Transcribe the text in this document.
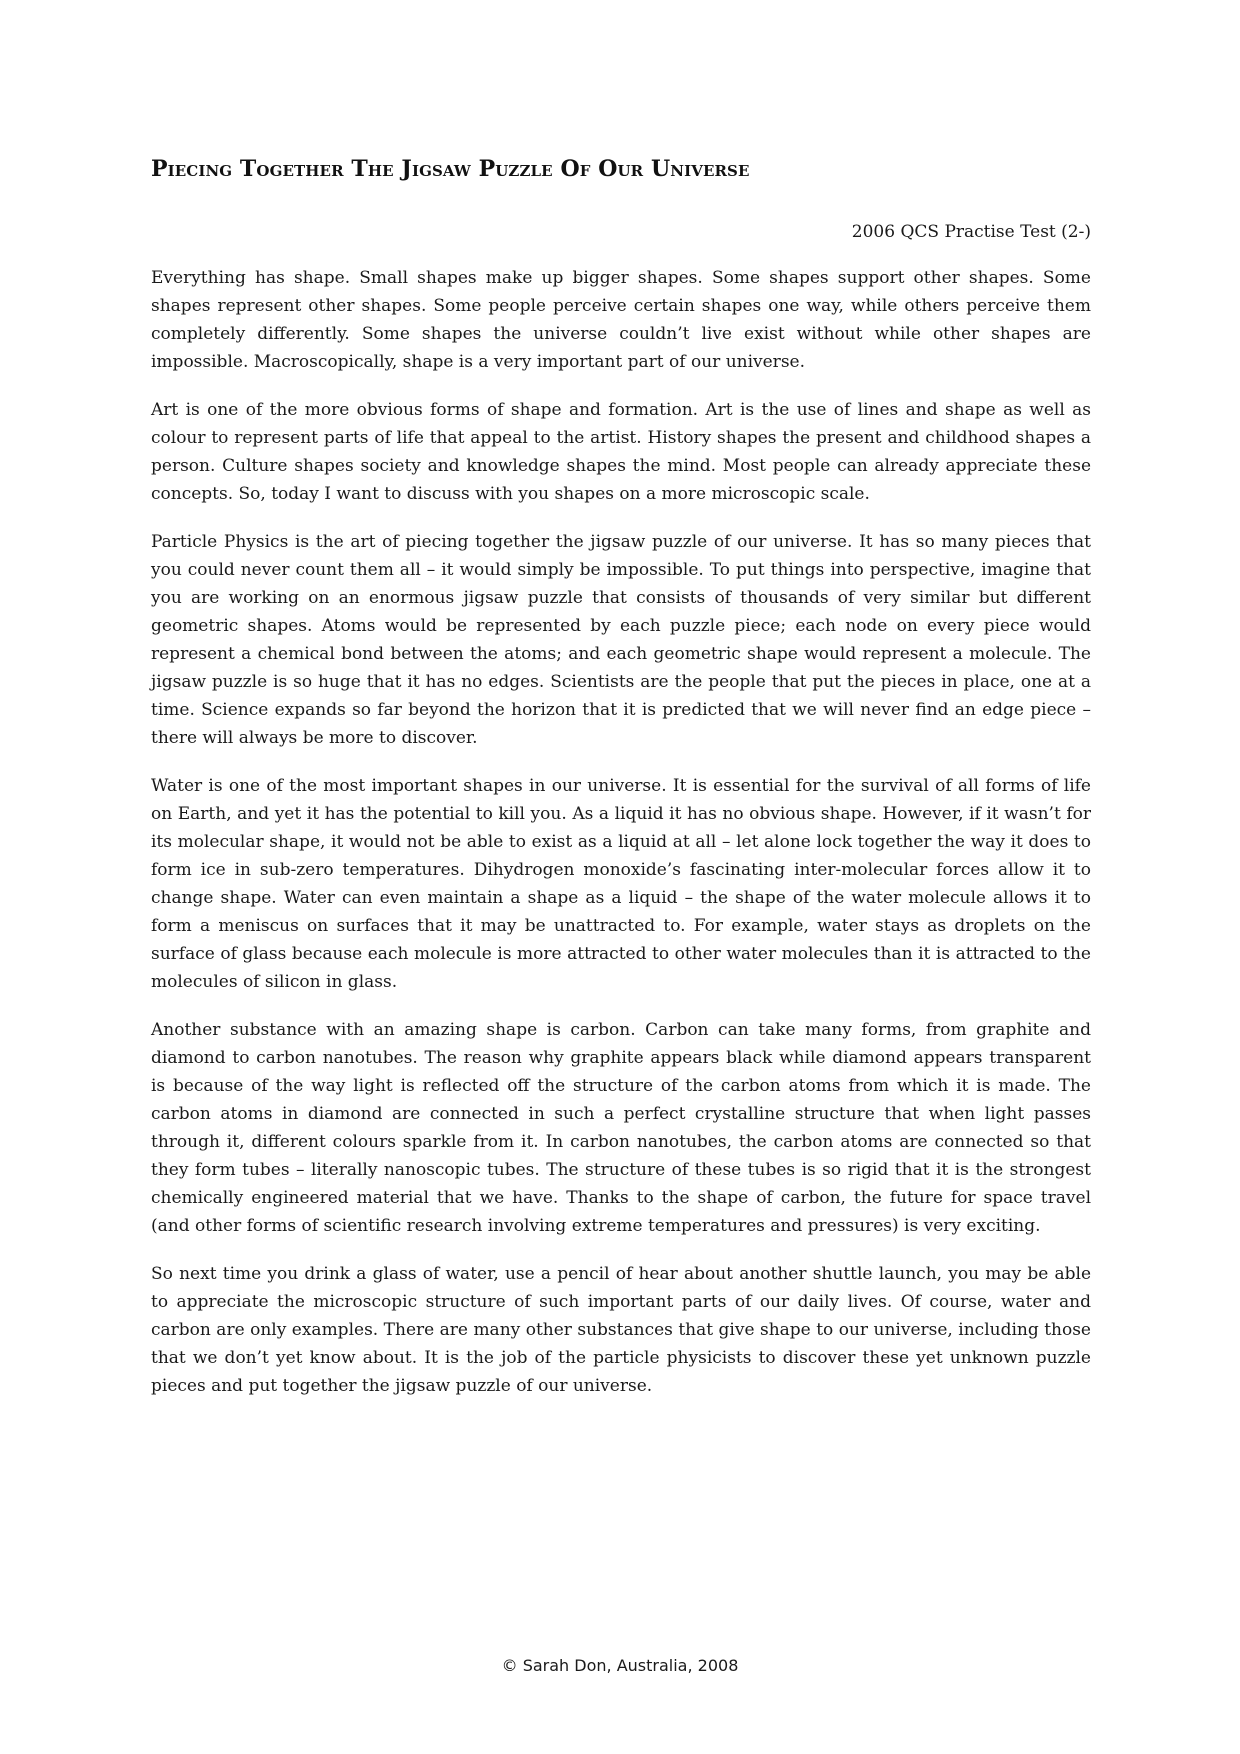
Piecing Together The Jigsaw Puzzle Of Our Universe
2006 QCS Practise Test (2-)

Everything has shape. Small shapes make up bigger shapes. Some shapes support other shapes. Some shapes represent other shapes. Some people perceive certain shapes one way, while others perceive them completely differently. Some shapes the universe couldn’t live exist without while other shapes are impossible. Macroscopically, shape is a very important part of our universe.

Art is one of the more obvious forms of shape and formation. Art is the use of lines and shape as well as colour to represent parts of life that appeal to the artist. History shapes the present and childhood shapes a person. Culture shapes society and knowledge shapes the mind. Most people can already appreciate these concepts. So, today I want to discuss with you shapes on a more microscopic scale.

Particle Physics is the art of piecing together the jigsaw puzzle of our universe. It has so many pieces that you could never count them all – it would simply be impossible. To put things into perspective, imagine that you are working on an enormous jigsaw puzzle that consists of thousands of very similar but different geometric shapes. Atoms would be represented by each puzzle piece; each node on every piece would represent a chemical bond between the atoms; and each geometric shape would represent a molecule. The jigsaw puzzle is so huge that it has no edges. Scientists are the people that put the pieces in place, one at a time. Science expands so far beyond the horizon that it is predicted that we will never find an edge piece – there will always be more to discover.

Water is one of the most important shapes in our universe. It is essential for the survival of all forms of life on Earth, and yet it has the potential to kill you. As a liquid it has no obvious shape. However, if it wasn’t for its molecular shape, it would not be able to exist as a liquid at all – let alone lock together the way it does to form ice in sub-zero temperatures. Dihydrogen monoxide’s fascinating inter-molecular forces allow it to change shape. Water can even maintain a shape as a liquid – the shape of the water molecule allows it to form a meniscus on surfaces that it may be unattracted to. For example, water stays as droplets on the surface of glass because each molecule is more attracted to other water molecules than it is attracted to the molecules of silicon in glass.

Another substance with an amazing shape is carbon. Carbon can take many forms, from graphite and diamond to carbon nanotubes. The reason why graphite appears black while diamond appears transparent is because of the way light is reflected off the structure of the carbon atoms from which it is made. The carbon atoms in diamond are connected in such a perfect crystalline structure that when light passes through it, different colours sparkle from it. In carbon nanotubes, the carbon atoms are connected so that they form tubes – literally nanoscopic tubes. The structure of these tubes is so rigid that it is the strongest chemically engineered material that we have. Thanks to the shape of carbon, the future for space travel (and other forms of scientific research involving extreme temperatures and pressures) is very exciting.

So next time you drink a glass of water, use a pencil of hear about another shuttle launch, you may be able to appreciate the microscopic structure of such important parts of our daily lives. Of course, water and carbon are only examples. There are many other substances that give shape to our universe, including those that we don’t yet know about. It is the job of the particle physicists to discover these yet unknown puzzle pieces and put together the jigsaw puzzle of our universe.

© Sarah Don, Australia, 2008
